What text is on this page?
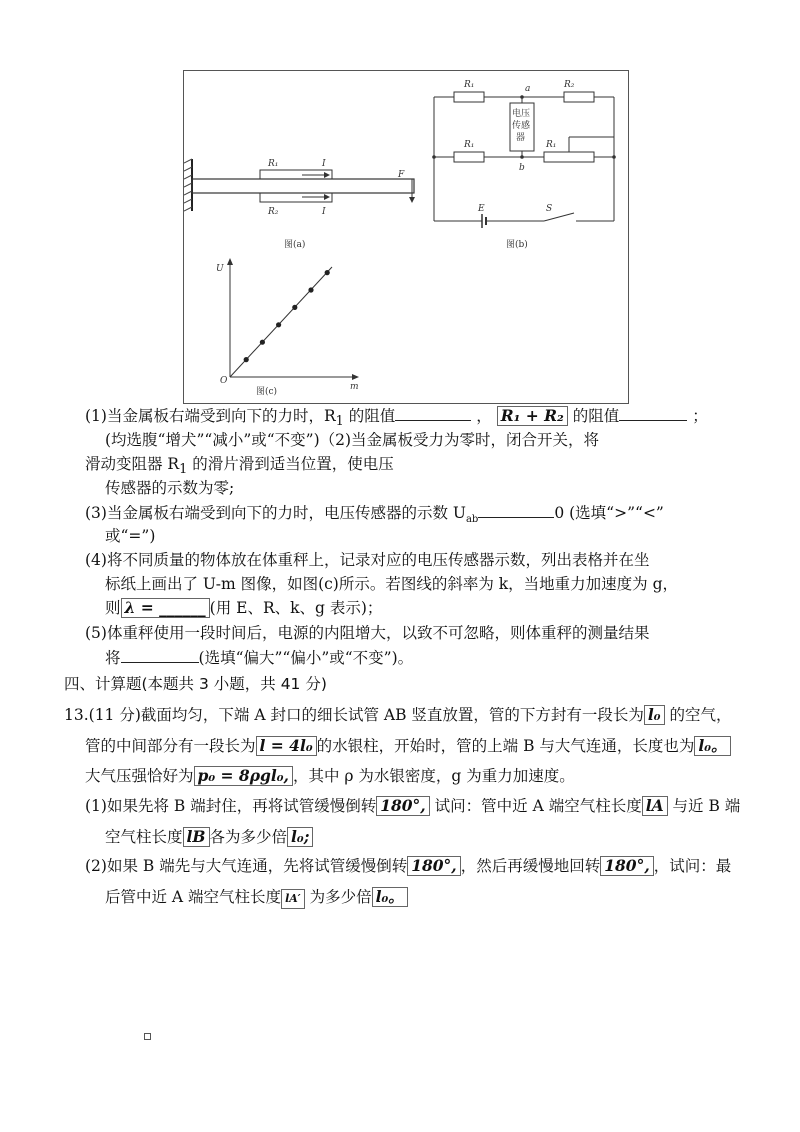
R₁
R₂
I
I
F
图(a)
R₁	R₂
R₁	R₁
a
b
电压
传感
器
E	S
图(b)
U
m
O
图(c)
(1)当金属板右端受到向下的力时，$R_1$ 的阻值	， R₁ + R₂ 的阻值	；
(均选腹“增犬”“减小”或“不变”)（2)当金属板受力为零时，闭合开关，将
滑动变阻器 $R_1$ 的滑片滑到适当位置，使电压
传感器的示数为零;
(3)当金属板右端受到向下的力时，电压传感器的示数 $U_{ab}$	0 (选填“>”“<”
或“=”)
(4)将不同质量的物体放在体重秤上，记录对应的电压传感器示数，列出表格并在坐
标纸上画出了 U-m 图像，如图(c)所示。若图线的斜率为 k，当地重力加速度为 g，
则 λ = ______ (用 E、R、k、g 表示)；
(5)体重秤使用一段时间后，电源的内阻增大，以致不可忽略，则体重秤的测量结果
将	(选填“偏大”“偏小”或“不变”)。
四、计算题(本题共 3 小题，共 41 分)
13.(11 分)截面均匀，下端 A 封口的细长试管 AB 竖直放置，管的下方封有一段长为 l₀ 的空气，
管的中间部分有一段长为 l = 4l₀ 的水银柱，开始时，管的上端 B 与大气连通，长度也为 l₀。
大气压强恰好为 p₀ = 8ρgl₀, ，其中 ρ 为水银密度，g 为重力加速度。
(1)如果先将 B 端封住，再将试管缓慢倒转 180°, 试问：管中近 A 端空气柱长度 lA 与近 B 端
空气柱长度 lB 各为多少倍 l₀;
(2)如果 B 端先与大气连通，先将试管缓慢倒转 180°, ，然后再缓慢地回转 180°, ，试问：最
后管中近 A 端空气柱长度 lA′ 为多少倍 l₀。
